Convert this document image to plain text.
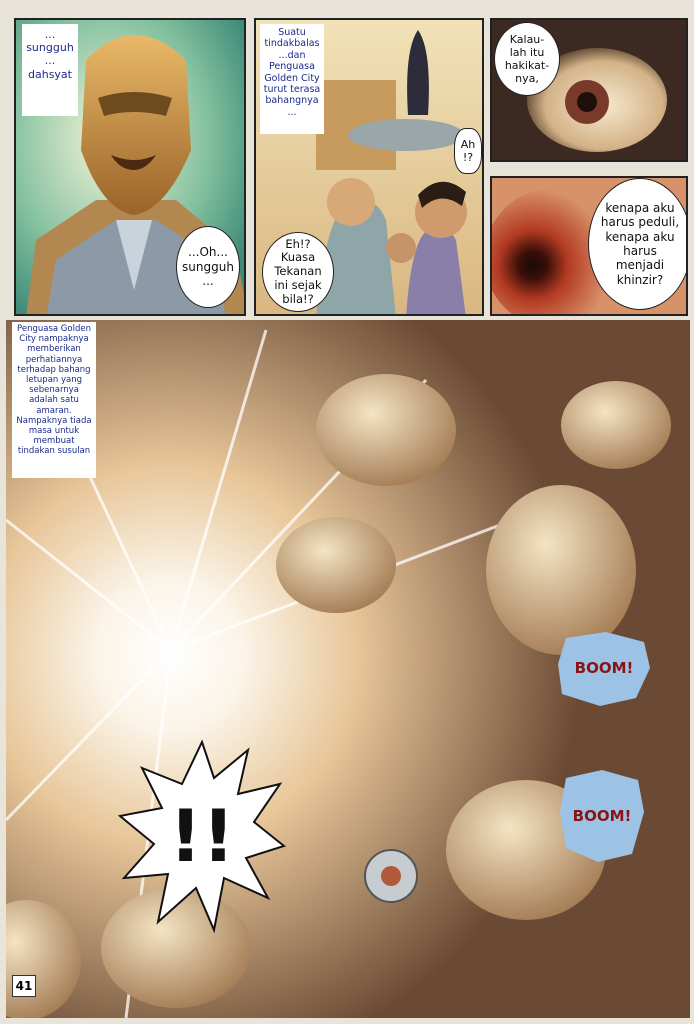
...
sungguh
...
dahsyat
...Oh...
sungguh
...
Suatu
tindakbalas
...dan
Penguasa
Golden City
turut terasa
bahangnya
...
Ah
!?
Eh!?
Kuasa
Tekanan
ini sejak
bila!?
Kalau-
lah itu
hakikat-
nya,
kenapa aku
harus peduli,
kenapa aku
harus
menjadi
khinzir?
Penguasa Golden City nampaknya memberikan perhatiannya terhadap bahang letupan yang sebenarnya adalah satu amaran. Nampaknya tiada masa untuk membuat tindakan susulan
BOOM!
BOOM!
!!
41
